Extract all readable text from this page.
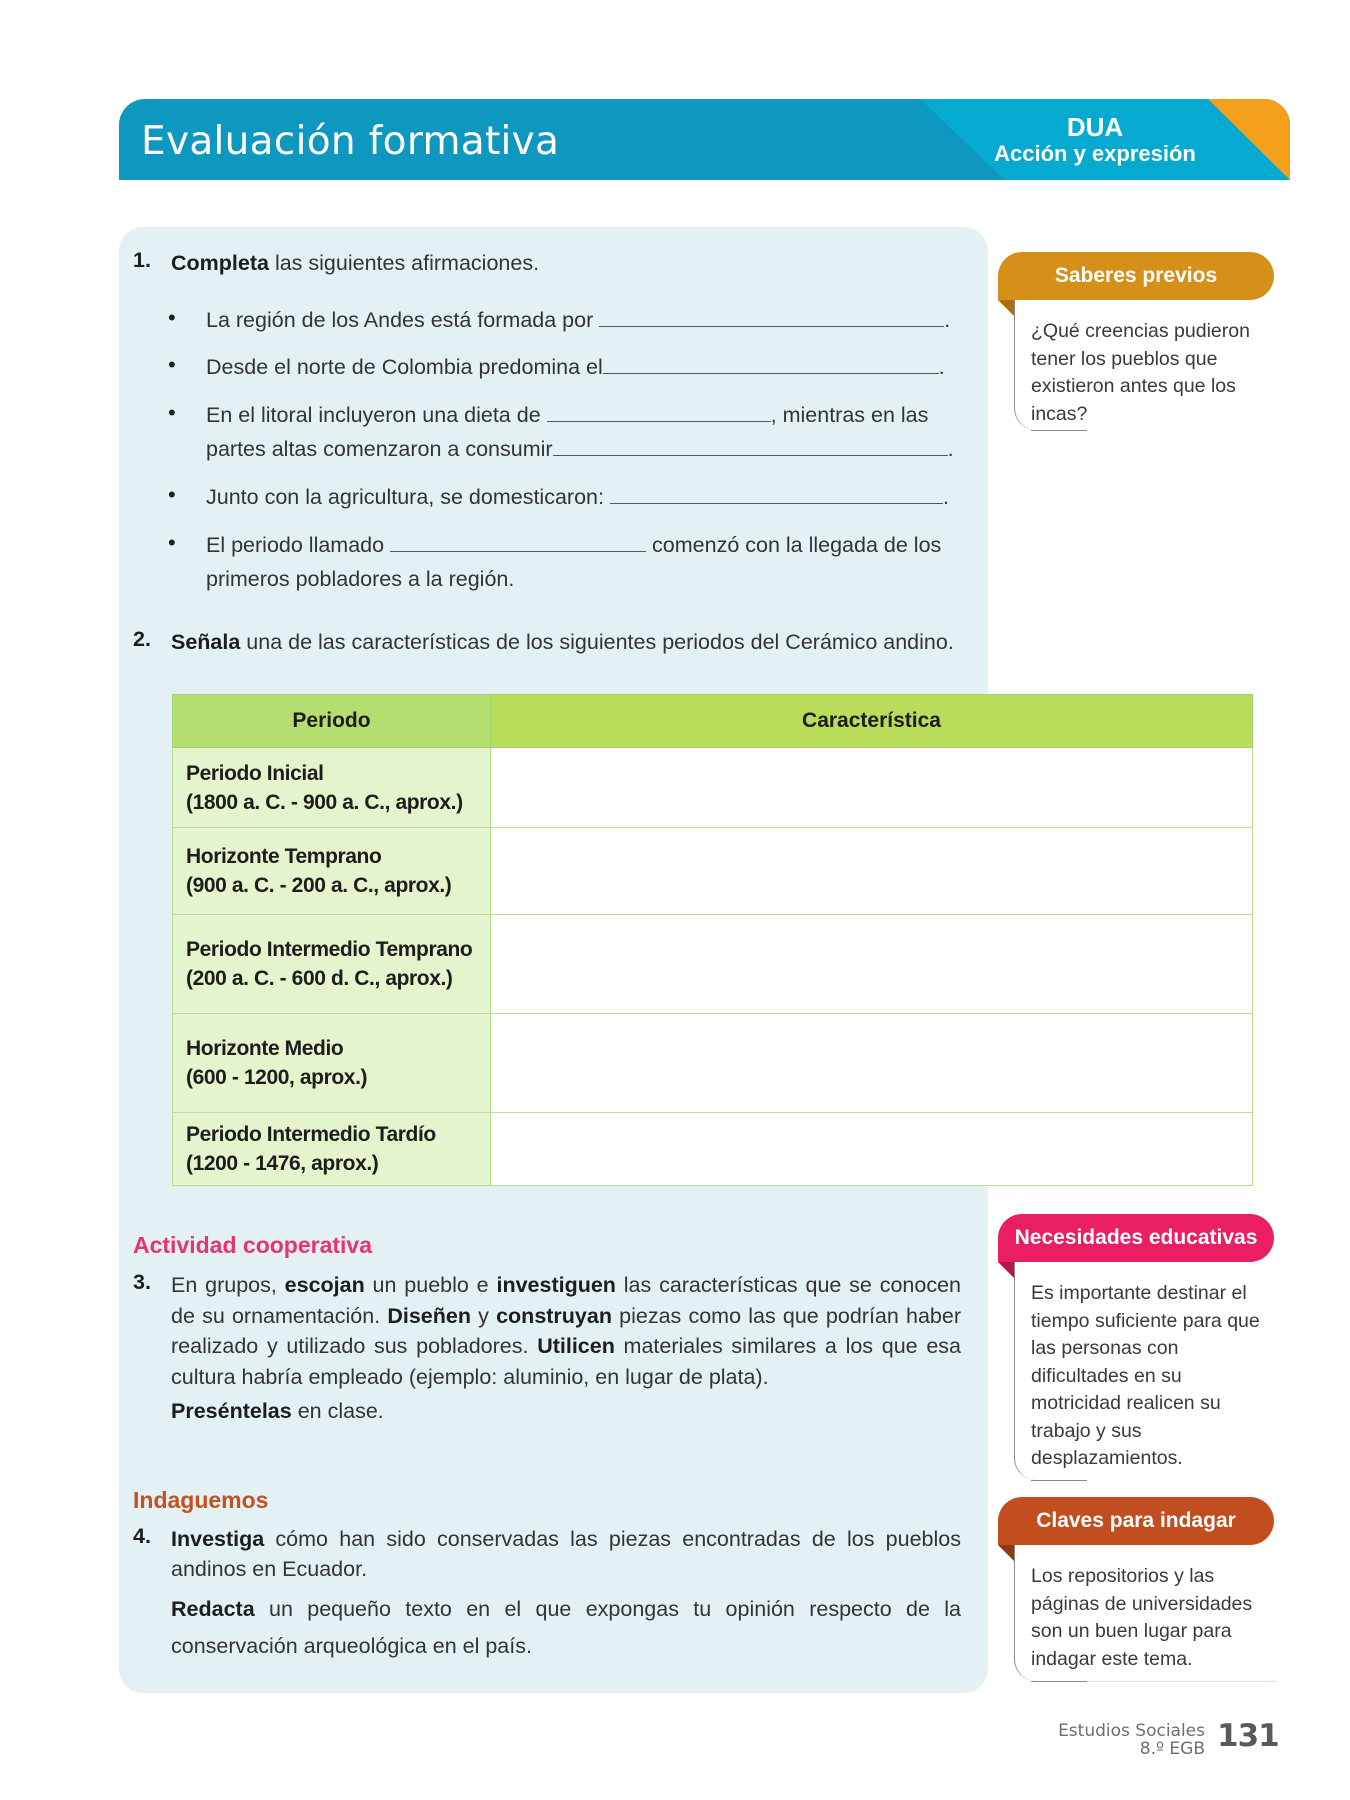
Evaluación formativa	DUA
Acción y expresión
1. Completa las siguientes afirmaciones.
• La región de los Andes está formada por	.
• Desde el norte de Colombia predomina el	.
• En el litoral incluyeron una dieta de	, mientras en las
partes altas comenzaron a consumir	.
• Junto con la agricultura, se domesticaron:	.
• El periodo llamado	comenzó con la llegada de los
primeros pobladores a la región.
2. Señala una de las características de los siguientes periodos del Cerámico andino.
Periodo	Característica

Periodo Inicial
(1800 a. C. - 900 a. C., aprox.)	

Horizonte Temprano
(900 a. C. - 200 a. C., aprox.)	

Periodo Intermedio Temprano
(200 a. C. - 600 d. C., aprox.)	

Horizonte Medio
(600 - 1200, aprox.)	

Periodo Intermedio Tardío
(1200 - 1476, aprox.)	

Actividad cooperativa
3. En grupos, escojan un pueblo e investiguen las características que se conocen de su ornamentación. Diseñen y construyan piezas como las que podrían haber realizado y utilizado sus pobladores. Utilicen materiales similares a los que esa cultura habría empleado (ejemplo: aluminio, en lugar de plata).
Preséntelas en clase.
Indaguemos
4. Investiga cómo han sido conservadas las piezas encontradas de los pueblos andinos en Ecuador.
Redacta un pequeño texto en el que expongas tu opinión respecto de la conservación arqueológica en el país.
Saberes previos
¿Qué creencias pudieron tener los pueblos que existieron antes que los incas?
Necesidades educativas
Es importante destinar el tiempo suficiente para que las personas con dificultades en su motricidad realicen su trabajo y sus desplazamientos.
Claves para indagar
Los repositorios y las páginas de universidades son un buen lugar para indagar este tema.
Estudios Sociales
8.º EGB 131
